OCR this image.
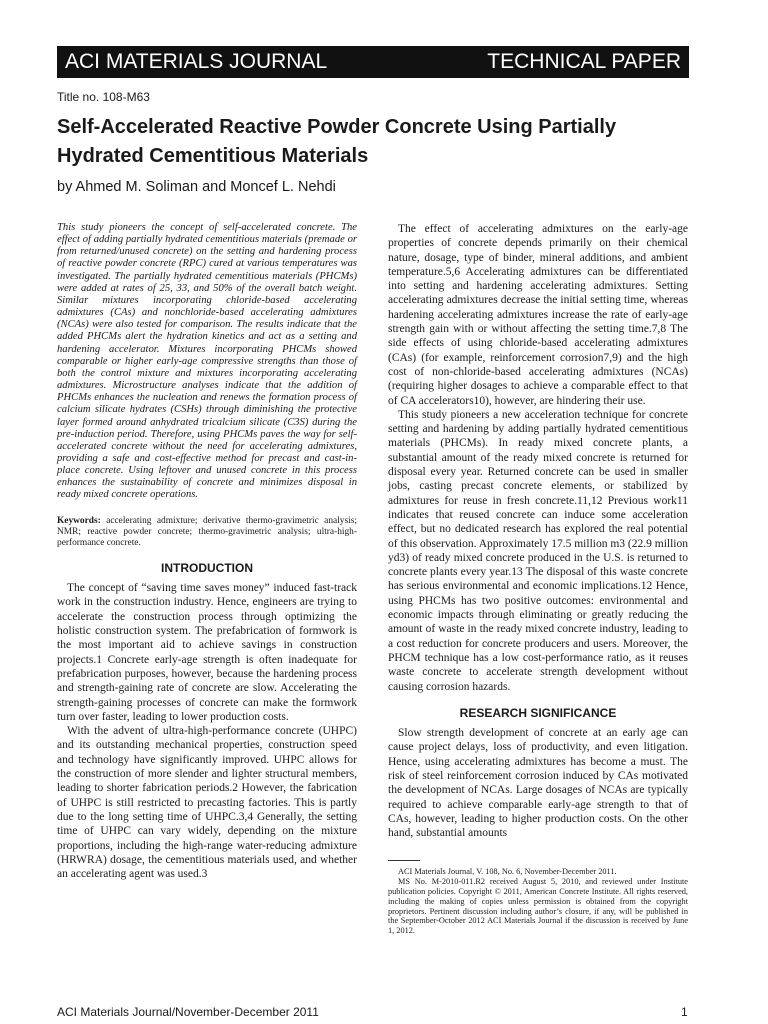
ACI MATERIALS JOURNAL	TECHNICAL PAPER
Title no. 108-M63
Self-Accelerated Reactive Powder Concrete Using Partially Hydrated Cementitious Materials
by Ahmed M. Soliman and Moncef L. Nehdi

This study pioneers the concept of self-accelerated concrete. The effect of adding partially hydrated cementitious materials (premade or from returned/unused concrete) on the setting and hardening process of reactive powder concrete (RPC) cured at various temperatures was investigated. The partially hydrated cementitious materials (PHCMs) were added at rates of 25, 33, and 50% of the overall batch weight. Similar mixtures incorporating chloride-based accelerating admixtures (CAs) and nonchloride-based accelerating admixtures (NCAs) were also tested for comparison. The results indicate that the added PHCMs alert the hydration kinetics and act as a setting and hardening accelerator. Mixtures incorporating PHCMs showed comparable or higher early-age compressive strengths than those of both the control mixture and mixtures incorporating accelerating admixtures. Microstructure analyses indicate that the addition of PHCMs enhances the nucleation and renews the formation process of calcium silicate hydrates (CSHs) through diminishing the protective layer formed around anhydrated tricalcium silicate (C3S) during the pre-induction period. Therefore, using PHCMs paves the way for self-accelerated concrete without the need for accelerating admixtures, providing a safe and cost-effective method for precast and cast-in-place concrete. Using leftover and unused concrete in this process enhances the sustainability of concrete and minimizes disposal in ready mixed concrete operations.

Keywords: accelerating admixture; derivative thermo-gravimetric analysis; NMR; reactive powder concrete; thermo-gravimetric analysis; ultra-high-performance concrete.

INTRODUCTION

The concept of “saving time saves money” induced fast-track work in the construction industry. Hence, engineers are trying to accelerate the construction process through optimizing the holistic construction system. The prefabrication of formwork is the most important aid to achieve savings in construction projects.1 Concrete early-age strength is often inadequate for prefabrication purposes, however, because the hardening process and strength-gaining rate of concrete are slow. Accelerating the strength-gaining processes of concrete can make the formwork turn over faster, leading to lower production costs.

With the advent of ultra-high-performance concrete (UHPC) and its outstanding mechanical properties, construction speed and technology have significantly improved. UHPC allows for the construction of more slender and lighter structural members, leading to shorter fabrication periods.2 However, the fabrication of UHPC is still restricted to precasting factories. This is partly due to the long setting time of UHPC.3,4 Generally, the setting time of UHPC can vary widely, depending on the mixture proportions, including the high-range water-reducing admixture (HRWRA) dosage, the cementitious materials used, and whether an accelerating agent was used.3

The effect of accelerating admixtures on the early-age properties of concrete depends primarily on their chemical nature, dosage, type of binder, mineral additions, and ambient temperature.5,6 Accelerating admixtures can be differentiated into setting and hardening accelerating admixtures. Setting accelerating admixtures decrease the initial setting time, whereas hardening accelerating admixtures increase the rate of early-age strength gain with or without affecting the setting time.7,8 The side effects of using chloride-based accelerating admixtures (CAs) (for example, reinforcement corrosion7,9) and the high cost of non-chloride-based accelerating admixtures (NCAs) (requiring higher dosages to achieve a comparable effect to that of CA accelerators10), however, are hindering their use.

This study pioneers a new acceleration technique for concrete setting and hardening by adding partially hydrated cementitious materials (PHCMs). In ready mixed concrete plants, a substantial amount of the ready mixed concrete is returned for disposal every year. Returned concrete can be used in smaller jobs, casting precast concrete elements, or stabilized by admixtures for reuse in fresh concrete.11,12 Previous work11 indicates that reused concrete can induce some acceleration effect, but no dedicated research has explored the real potential of this observation. Approximately 17.5 million m3 (22.9 million yd3) of ready mixed concrete produced in the U.S. is returned to concrete plants every year.13 The disposal of this waste concrete has serious environmental and economic implications.12 Hence, using PHCMs has two positive outcomes: environmental and economic impacts through eliminating or greatly reducing the amount of waste in the ready mixed concrete industry, leading to a cost reduction for concrete producers and users. Moreover, the PHCM technique has a low cost-performance ratio, as it reuses waste concrete to accelerate strength development without causing corrosion hazards.

RESEARCH SIGNIFICANCE

Slow strength development of concrete at an early age can cause project delays, loss of productivity, and even litigation. Hence, using accelerating admixtures has become a must. The risk of steel reinforcement corrosion induced by CAs motivated the development of NCAs. Large dosages of NCAs are typically required to achieve comparable early-age strength to that of CAs, however, leading to higher production costs. On the other hand, substantial amounts

ACI Materials Journal, V. 108, No. 6, November-December 2011.

MS No. M-2010-011.R2 received August 5, 2010, and reviewed under Institute publication policies. Copyright © 2011, American Concrete Institute. All rights reserved, including the making of copies unless permission is obtained from the copyright proprietors. Pertinent discussion including author’s closure, if any, will be published in the September-October 2012 ACI Materials Journal if the discussion is received by June 1, 2012.

ACI Materials Journal/November-December 2011	1
